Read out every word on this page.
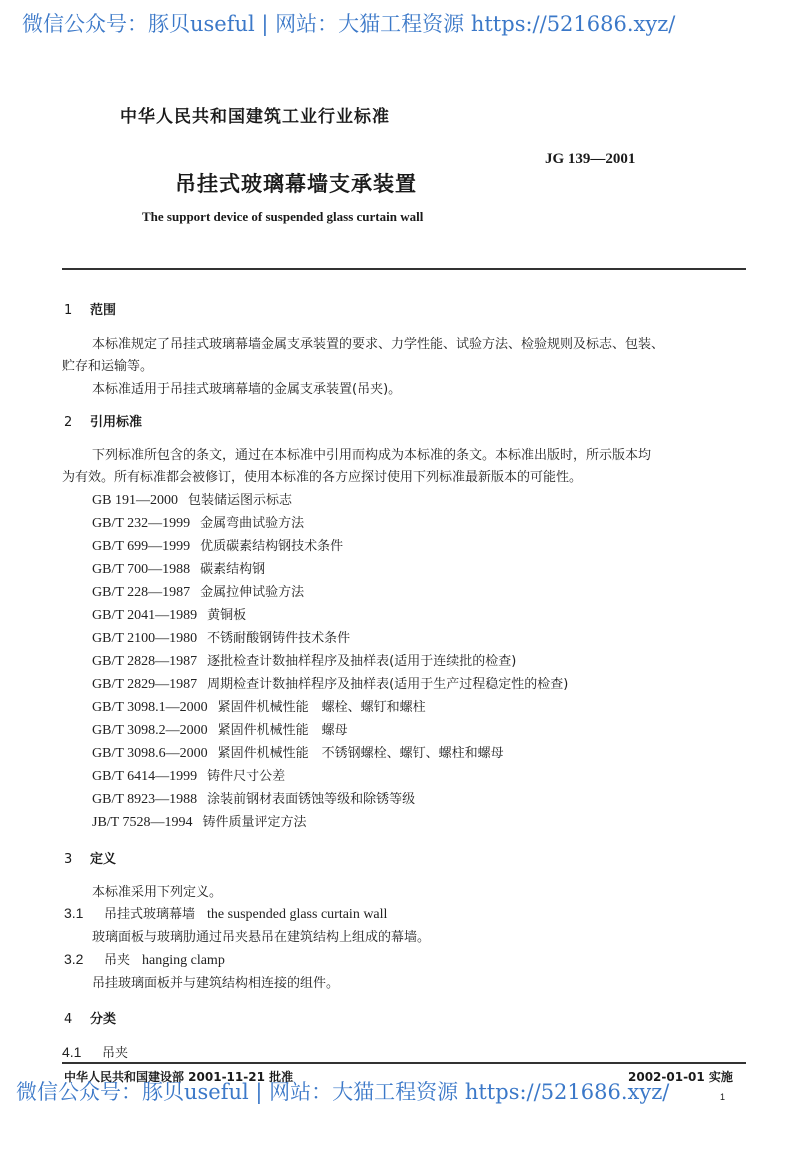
微信公众号：豚贝useful | 网站：大猫工程资源 https://521686.xyz/
中华人民共和国建筑工业行业标准
JG 139—2001
吊挂式玻璃幕墙支承装置
The support device of suspended glass curtain wall
1 范围
本标准规定了吊挂式玻璃幕墙金属支承装置的要求、力学性能、试验方法、检验规则及标志、包装、
贮存和运输等。
本标准适用于吊挂式玻璃幕墙的金属支承装置(吊夹)。
2 引用标准
下列标准所包含的条文，通过在本标准中引用而构成为本标准的条文。本标准出版时，所示版本均
为有效。所有标准都会被修订，使用本标准的各方应探讨使用下列标准最新版本的可能性。
GB 191—2000 包装储运图示标志
GB/T 232—1999 金属弯曲试验方法
GB/T 699—1999 优质碳素结构钢技术条件
GB/T 700—1988 碳素结构钢
GB/T 228—1987 金属拉伸试验方法
GB/T 2041—1989 黄铜板
GB/T 2100—1980 不锈耐酸钢铸件技术条件
GB/T 2828—1987 逐批检查计数抽样程序及抽样表(适用于连续批的检查)
GB/T 2829—1987 周期检查计数抽样程序及抽样表(适用于生产过程稳定性的检查)
GB/T 3098.1—2000 紧固件机械性能　螺栓、螺钉和螺柱
GB/T 3098.2—2000 紧固件机械性能　螺母
GB/T 3098.6—2000 紧固件机械性能　不锈钢螺栓、螺钉、螺柱和螺母
GB/T 6414—1999 铸件尺寸公差
GB/T 8923—1988 涂装前钢材表面锈蚀等级和除锈等级
JB/T 7528—1994 铸件质量评定方法
3 定义
本标准采用下列定义。
3.1 吊挂式玻璃幕墙 the suspended glass curtain wall
玻璃面板与玻璃肋通过吊夹悬吊在建筑结构上组成的幕墙。
3.2 吊夹 hanging clamp
吊挂玻璃面板并与建筑结构相连接的组件。
4 分类
4.1 吊夹
中华人民共和国建设部 2001-11-21 批准	2002-01-01 实施
微信公众号：豚贝useful | 网站：大猫工程资源 https://521686.xyz/	1
